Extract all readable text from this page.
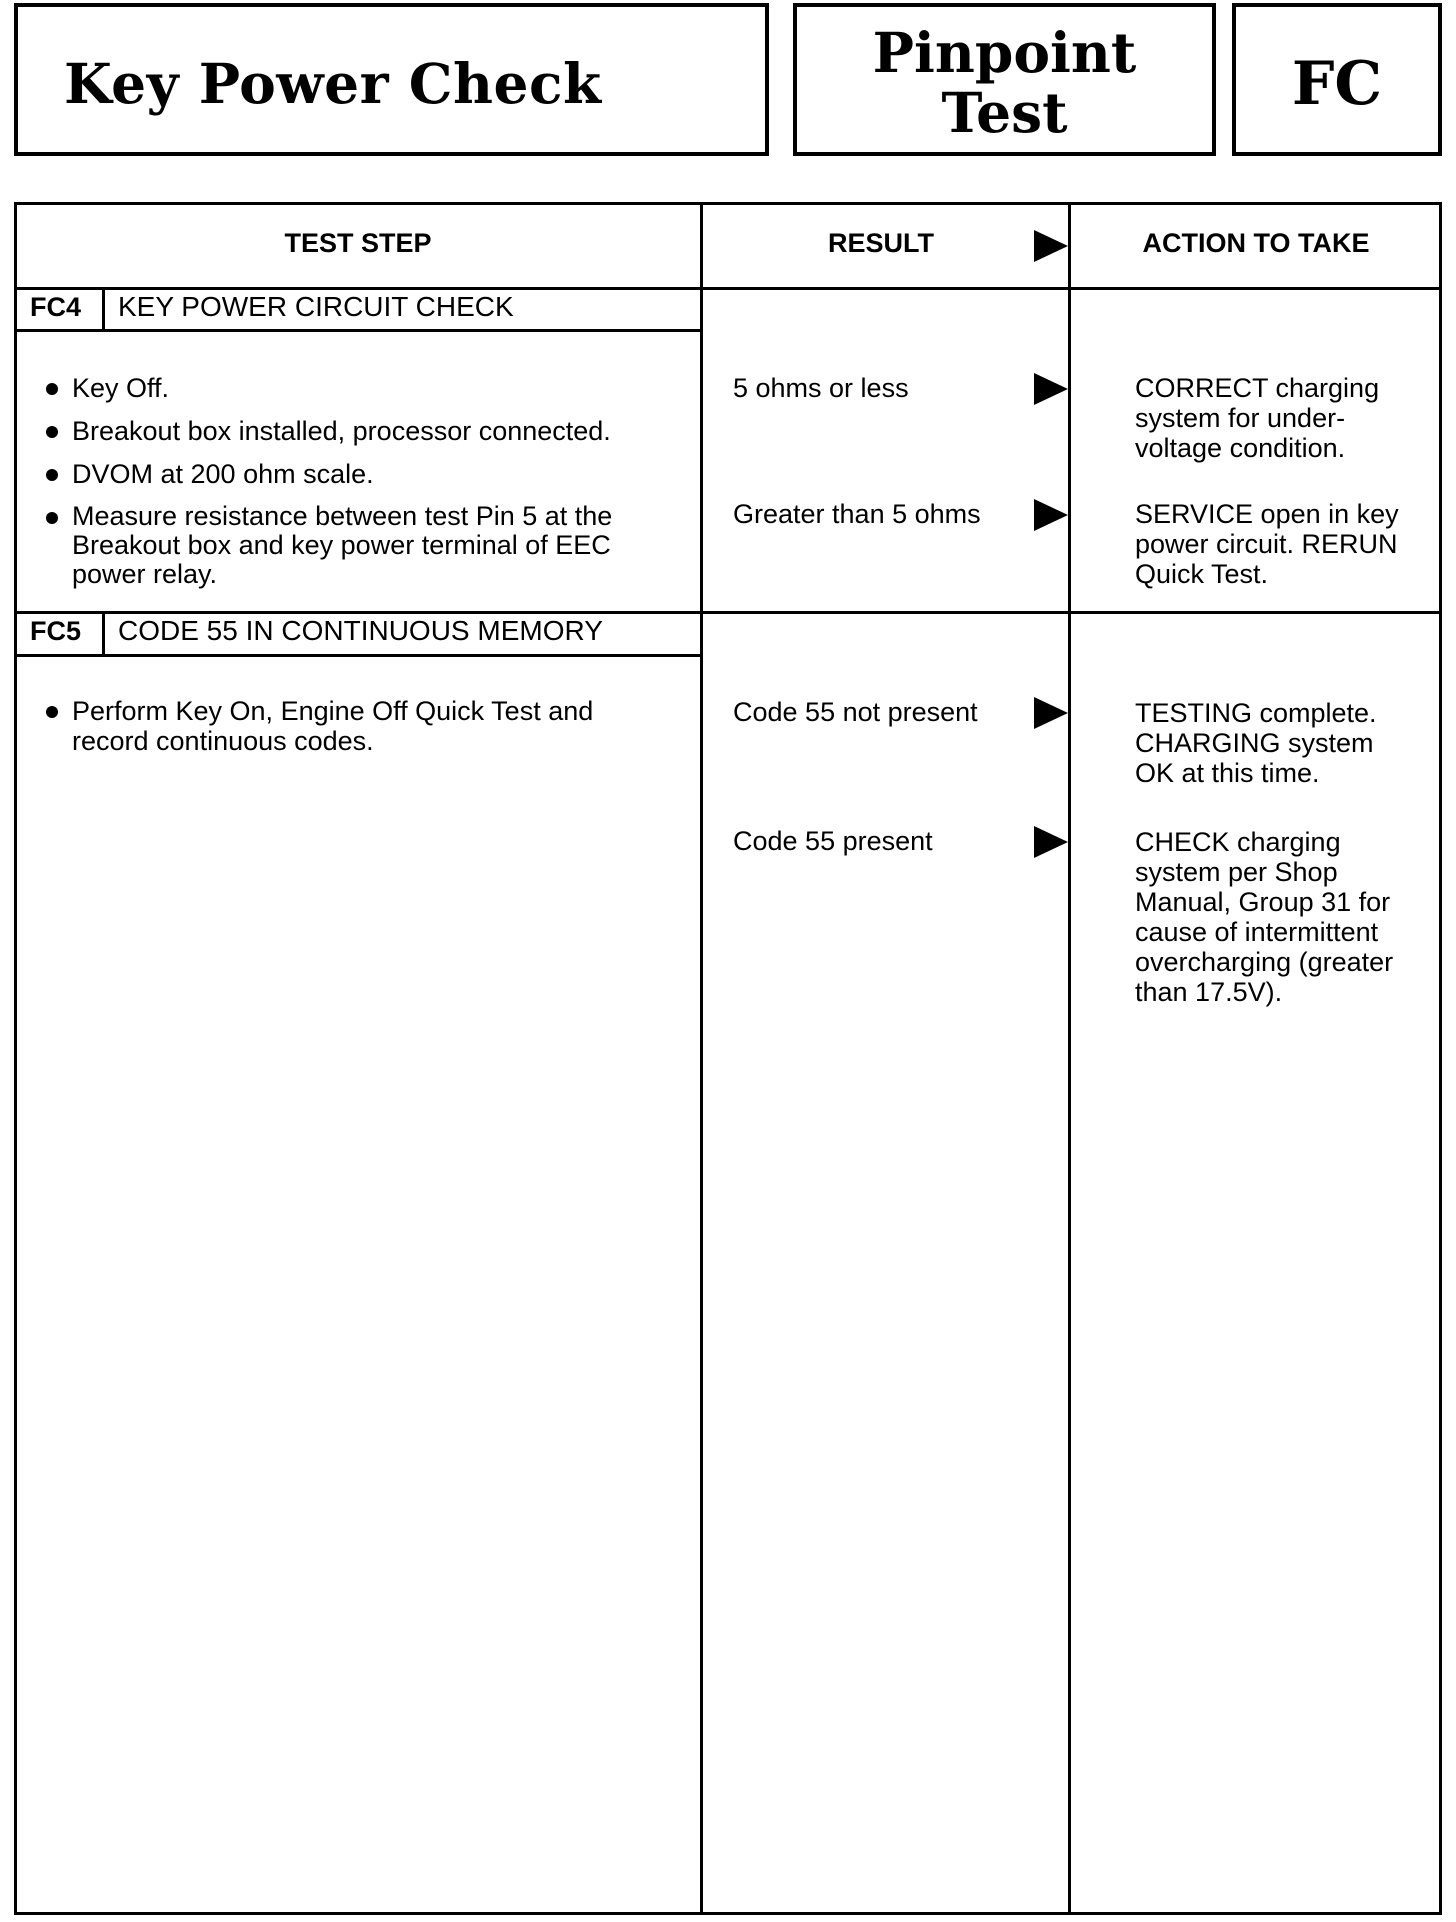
Key Power Check	Pinpoint
Test	FC
TEST STEP	RESULT	ACTION TO TAKE
FC4 KEY POWER CIRCUIT CHECK
Key Off.
Breakout box installed, processor connected.
DVOM at 200 ohm scale.
Measure resistance between test Pin 5 at the Breakout box and key power terminal of EEC power relay.
5 ohms or less	CORRECT charging system for under-voltage condition.
Greater than 5 ohms	SERVICE open in key power circuit. RERUN Quick Test.
FC5 CODE 55 IN CONTINUOUS MEMORY
Perform Key On, Engine Off Quick Test and record continuous codes.
Code 55 not present	TESTING complete. CHARGING system OK at this time.
Code 55 present	CHECK charging system per Shop Manual, Group 31 for cause of intermittent overcharging (greater than 17.5V).
